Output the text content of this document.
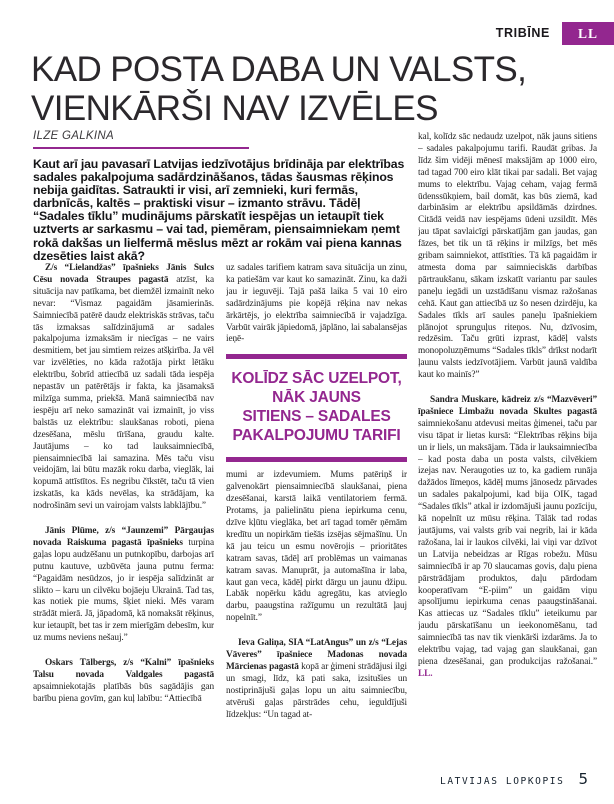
TRIBĪNE	LL
KAD POSTA DABA UN VALSTS,
VIENKĀRŠI NAV IZVĒLES
ILZE GALKINA
Kaut arī jau pavasarī Latvijas iedzīvotājus brīdināja par elektrības sadales pakalpojuma sadārdzināšanos, tādas šausmas rēķinos nebija gaidītas. Satraukti ir visi, arī zemnieki, kuri fermās, darbnīcās, kaltēs – praktiski visur – izmanto strāvu. Tādēļ “Sadales tīklu” mudinājums pārskatīt iespējas un ietaupīt tiek uztverts ar sarkasmu – vai tad, piemēram, piensaimniekam ņemt rokā dakšas un lielfermā mēslus mēzt ar rokām vai piena kannas dzesēties laist akā?

Z/s “Lielandžas” īpašnieks Jānis Šulcs Cēsu novada Straupes pagastā atzīst, ka situācija nav patīkama, bet diemžēl izmainīt neko nevar: “Vismaz pagaidām jāsamierinās. Saimniecībā patērē daudz elektriskās strāvas, taču tās izmaksas salīdzinājumā ar sadales pakalpojuma izmaksām ir niecīgas – ne vairs desmitiem, bet jau simtiem reizes atšķirība. Ja vēl var izvēlēties, no kāda ražotāja pirkt lētāku elektrību, šobrīd attiecībā uz sadali tāda iespēja nepastāv un patērētājs ir fakta, ka jāsamaksā milzīga summa, priekšā. Manā saimniecībā nav iespēju arī neko samazināt vai izmainīt, jo viss balstās uz elektrību: slaukšanas roboti, piena dzesēšana, mēslu tīrīšana, graudu kalte. Jautājums – ko tad lauksaimniecībā, piensaimniecībā lai samazina. Mēs taču visu veidojām, lai būtu mazāk roku darba, vieglāk, lai kopumā attīstītos. Es negribu čīkstēt, taču tā vien izskatās, ka kāds nevēlas, ka strādājam, ka nodrošinām sevi un vairojam valsts labklājību.”

Jānis Plūme, z/s “Jaunzemi” Pārgaujas novada Raiskuma pagastā īpašnieks turpina gaļas lopu audzēšanu un putnkopību, darbojas arī putnu kautuve, uzbūvēta jauna putnu ferma: “Pagaidām nesūdzos, jo ir iespēja salīdzināt ar slikto – karu un cilvēku bojāeju Ukrainā. Tad tas, kas notiek pie mums, šķiet nieki. Mēs varam strādāt mierā. Jā, jāpadomā, kā nomaksāt rēķinus, kur ietaupīt, bet tas ir zem mierīgām debesīm, kur uz mums neviens nešauj.”

Oskars Tālbergs, z/s “Kalni” īpašnieks Talsu novada Valdgales pagastā apsaimniekotajās platībās būs sagādājis gan barību piena govīm, gan kuļ labību: “Attiecībā

uz sadales tarifiem katram sava situācija un zinu, ka patiešām var kaut ko samazināt. Zinu, ka daži jau ir ieguvēji. Tajā pašā laika 5 vai 10 eiro sadārdzinājums pie kopējā rēķina nav nekas ārkārtējs, jo elektrība saimniecībā ir vajadzīga. Varbūt vairāk jāpiedomā, jāplāno, lai sabalansējas ieņē-

KOLĪDZ SĀC UZELPOT,
NĀK JAUNS
SITIENS – SADALES
PAKALPOJUMU TARIFI

mumi ar izdevumiem. Mums patēriņš ir galvenokārt piensaimniecībā slaukšanai, piena dzesēšanai, karstā laikā ventilatoriem fermā. Protams, ja palielinātu piena iepirkuma cenu, dzīve kļūtu vieglāka, bet arī tagad tomēr ņēmām kredītu un nopirkām tiešās izsējas sējmašīnu. Un kā jau teicu un esmu novērojis – prioritātes katram savas, tādēļ arī problēmas un vaimanas katram savas. Manuprāt, ja automašīna ir laba, kaut gan veca, kādēļ pirkt dārgu un jaunu džipu. Labāk nopērku kādu agregātu, kas atvieglo darbu, paaugstina ražīgumu un rezultātā ļauj nopelnīt.”

Ieva Galiņa, SIA “LatAngus” un z/s “Lejas Vāveres” īpašniece Madonas novada Mārcienas pagastā kopā ar ģimeni strādājusi ilgi un smagi, līdz, kā pati saka, izsitušies un nostiprinājuši gaļas lopu un aitu saimniecību, atvēruši gaļas pārstrādes cehu, ieguldījuši līdzekļus: “Un tagad at-

kal, kolīdz sāc nedaudz uzelpot, nāk jauns sitiens – sadales pakalpojumu tarifi. Raudāt gribas. Ja līdz šim vidēji mēnesī maksājām ap 1000 eiro, tad tagad 700 eiro klāt tikai par sadali. Bet vajag mums to elektrību. Vajag ceham, vajag fermā ūdenssūkņiem, bail domāt, kas būs ziemā, kad darbināsim ar elektrību apsildāmās dzirdnes. Citādā veidā nav iespējams ūdeni uzsildīt. Mēs jau tāpat savlaicīgi pārskatījām gan jaudas, gan fāzes, bet tik un tā rēķins ir milzīgs, bet mēs gribam saimniekot, attīstīties. Tā kā pagaidām ir atmesta doma par saimnieciskās darbības pārtraukšanu, sākam izskatīt variantu par saules paneļu iegādi un uzstādīšanu vismaz ražošanas cehā. Kaut gan attiecībā uz šo nesen dzirdēju, ka Sadales tīkls arī saules paneļu īpašniekiem plānojot sprunguļus riteņos. Nu, dzīvosim, redzēsim. Taču grūti izprast, kādēļ valsts monopoluzņēmums “Sadales tīkls” drīkst nodarīt ļaunu valsts iedzīvotājiem. Varbūt jaunā valdība kaut ko mainīs?”

Sandra Muskare, kādreiz z/s “Mazvēveri” īpašniece Limbažu novada Skultes pagastā saimniekošanu atdevusi meitas ģimenei, taču par visu tāpat ir lietas kursā: “Elektrības rēķins bija un ir liels, un maksājam. Tāda ir lauksaimniecība – kad posta daba un posta valsts, cilvēkiem izejas nav. Neraugoties uz to, ka gadiem runāja dažādos līmeņos, kādēļ mums jānosedz pārvades un sadales pakalpojumi, kad bija OIK, tagad “Sadales tīkls” atkal ir izdomājuši jaunu pozīciju, kā nopelnīt uz mūsu rēķina. Tālāk tad rodas jautājums, vai valsts grib vai negrib, lai ir kāda ražošana, lai ir laukos cilvēki, lai viņi var dzīvot un Latvija nebeidzas ar Rīgas robežu. Mūsu saimniecībā ir ap 70 slaucamas govis, daļu piena pārstrādājam produktos, daļu pārdodam kooperatīvam “E-piim” un gaidām viņu apsolījumu iepirkuma cenas paaugstināšanai. Kas attiecas uz “Sadales tīklu” ieteikumu par jaudu pārskatīšanu un ieekonomēšanu, tad saimniecībā tas nav tik vienkārši izdarāms. Ja to elektrību vajag, tad vajag gan slaukšanai, gan piena dzesēšanai, gan produkcijas ražošanai.” LL.

LATVIJAS LOPKOPIS 5
